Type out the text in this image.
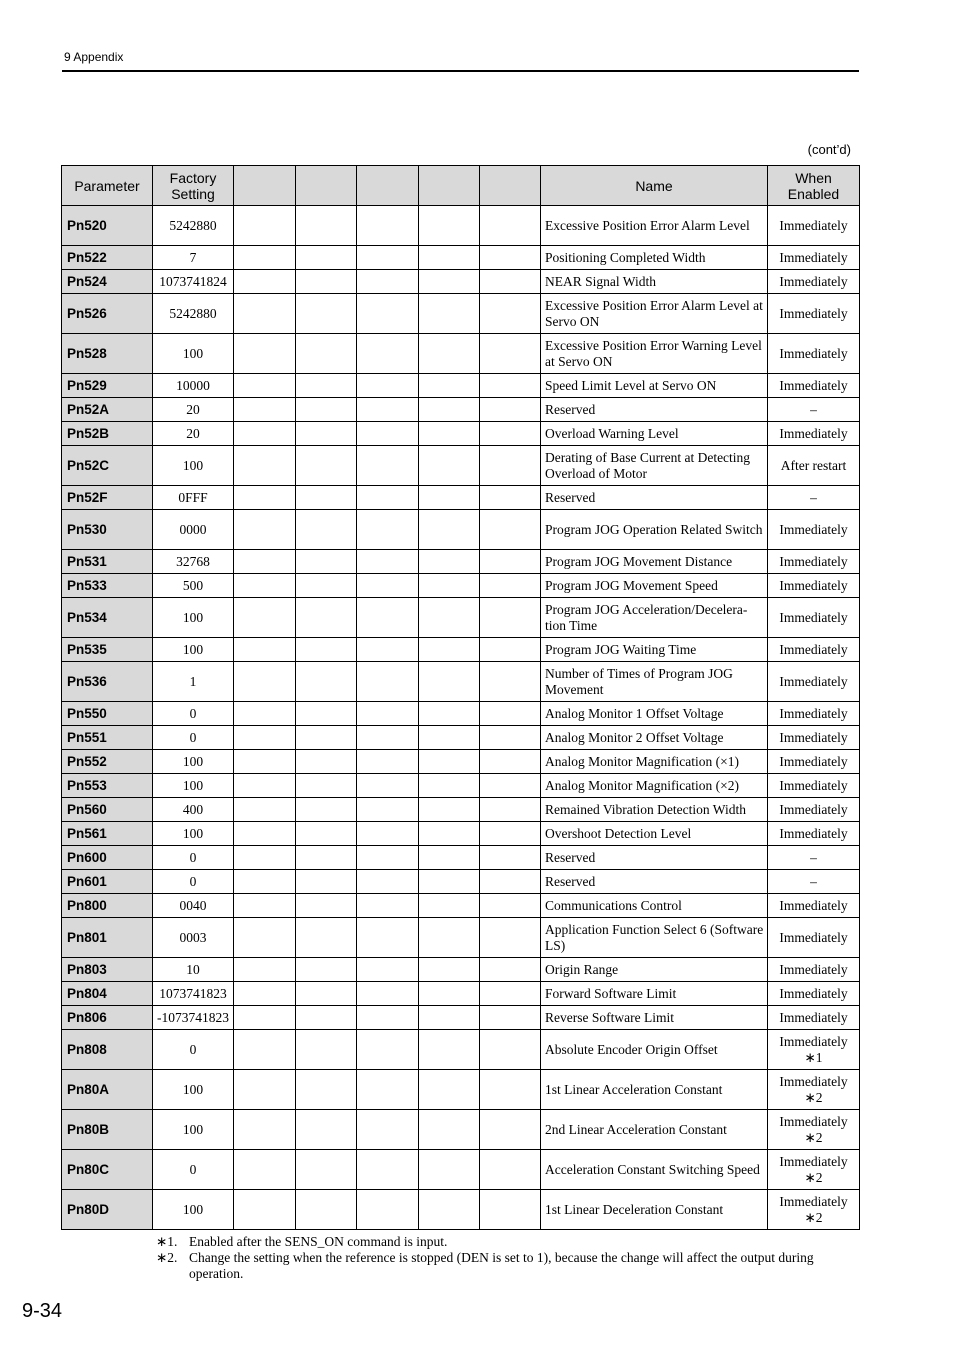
9 Appendix
(cont’d)
Parameter	Factory Setting						Name	When Enabled
Pn520	5242880						Excessive Position Error Alarm Level	Immediately
Pn522	7						Positioning Completed Width	Immediately
Pn524	1073741824						NEAR Signal Width	Immediately
Pn526	5242880						Excessive Position Error Alarm Level at Servo ON	Immediately
Pn528	100						Excessive Position Error Warning Level at Servo ON	Immediately
Pn529	10000						Speed Limit Level at Servo ON	Immediately
Pn52A	20						Reserved	–
Pn52B	20						Overload Warning Level	Immediately
Pn52C	100						Derating of Base Current at Detecting Overload of Motor	After restart
Pn52F	0FFF						Reserved	–
Pn530	0000						Program JOG Operation Related Switch	Immediately
Pn531	32768						Program JOG Movement Distance	Immediately
Pn533	500						Program JOG Movement Speed	Immediately
Pn534	100						Program JOG Acceleration/Decelera-tion Time	Immediately
Pn535	100						Program JOG Waiting Time	Immediately
Pn536	1						Number of Times of Program JOG Movement	Immediately
Pn550	0						Analog Monitor 1 Offset Voltage	Immediately
Pn551	0						Analog Monitor 2 Offset Voltage	Immediately
Pn552	100						Analog Monitor Magnification (×1)	Immediately
Pn553	100						Analog Monitor Magnification (×2)	Immediately
Pn560	400						Remained Vibration Detection Width	Immediately
Pn561	100						Overshoot Detection Level	Immediately
Pn600	0						Reserved	–
Pn601	0						Reserved	–
Pn800	0040						Communications Control	Immediately
Pn801	0003						Application Function Select 6 (Software LS)	Immediately
Pn803	10						Origin Range	Immediately
Pn804	1073741823						Forward Software Limit	Immediately
Pn806	-1073741823						Reverse Software Limit	Immediately
Pn808	0						Absolute Encoder Origin Offset	Immediately
∗1
Pn80A	100						1st Linear Acceleration Constant	Immediately
∗2
Pn80B	100						2nd Linear Acceleration Constant	Immediately
∗2
Pn80C	0						Acceleration Constant Switching Speed	Immediately
∗2
Pn80D	100						1st Linear Deceleration Constant	Immediately
∗2
∗1. Enabled after the SENS_ON command is input.
∗2. Change the setting when the reference is stopped (DEN is set to 1), because the change will affect the output during operation.
9-34
